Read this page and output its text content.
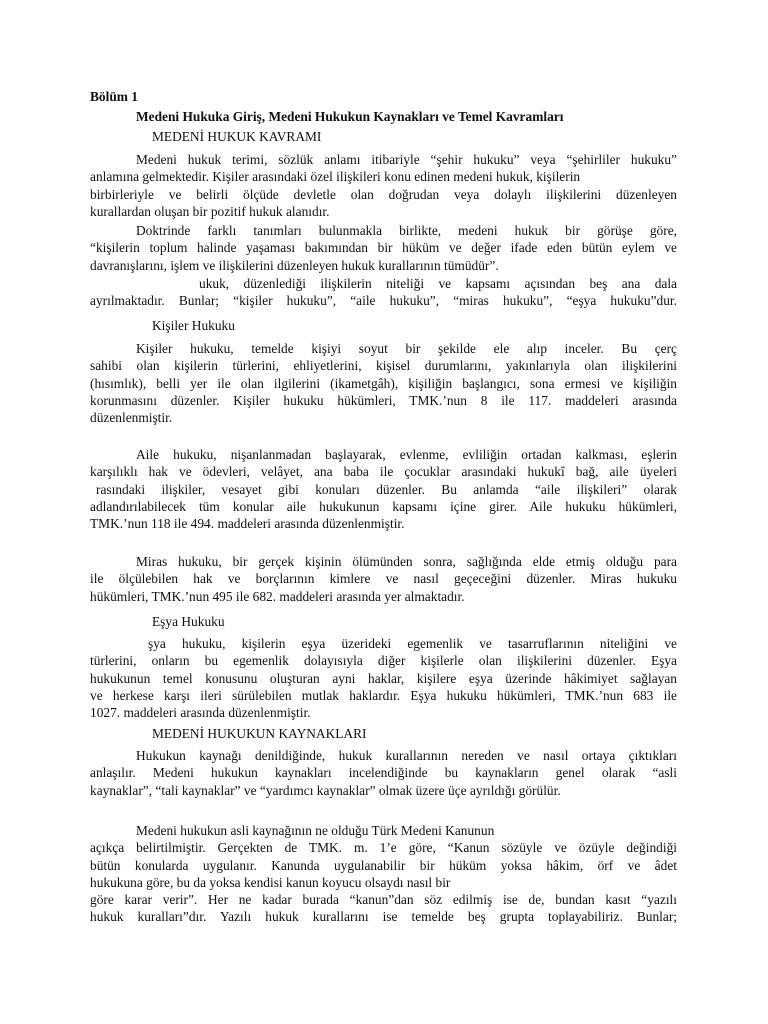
Bölüm 1
Medeni Hukuka Giriş, Medeni Hukukun Kaynakları ve Temel Kavramları
MEDENİ HUKUK KAVRAMI
Medeni hukuk terimi, sözlük anlamı itibariyle “şehir hukuku” veya “şehirliler hukuku”
anlamına gelmektedir. Kişiler arasındaki özel ilişkileri konu edinen medeni hukuk, kişilerin
birbirleriyle ve belirli ölçüde devletle olan doğrudan veya dolaylı ilişkilerini düzenleyen
kurallardan oluşan bir pozitif hukuk alanıdır.
Doktrinde farklı tanımları bulunmakla birlikte, medeni hukuk bir görüşe göre,
“kişilerin toplum halinde yaşaması bakımından bir hüküm ve değer ifade eden bütün eylem ve
davranışlarını, işlem ve ilişkilerini düzenleyen hukuk kurallarının tümüdür”.
ukuk, düzenlediği ilişkilerin niteliği ve kapsamı açısından beş ana dala
ayrılmaktadır. Bunlar; “kişiler hukuku”, “aile hukuku”, “miras hukuku”, “eşya hukuku”dur.
Kişiler Hukuku
Kişiler hukuku, temelde kişiyi soyut bir şekilde ele alıp inceler. Bu çerç
sahibi olan kişilerin türlerini, ehliyetlerini, kişisel durumlarını, yakınlarıyla olan ilişkilerini
(hısımlık), belli yer ile olan ilgilerini (ikametgâh), kişiliğin başlangıcı, sona ermesi ve kişiliğin
korunmasını düzenler. Kişiler hukuku hükümleri, TMK.’nun 8 ile 117. maddeleri arasında
düzenlenmiştir.
Aile hukuku, nişanlanmadan başlayarak, evlenme, evliliğin ortadan kalkması, eşlerin
karşılıklı hak ve ödevleri, velâyet, ana baba ile çocuklar arasındaki hukukî bağ, aile üyeleri
rasındaki ilişkiler, vesayet gibi konuları düzenler. Bu anlamda “aile ilişkileri” olarak
adlandırılabilecek tüm konular aile hukukunun kapsamı içine girer. Aile hukuku hükümleri,
TMK.’nun 118 ile 494. maddeleri arasında düzenlenmiştir.
Miras hukuku, bir gerçek kişinin ölümünden sonra, sağlığında elde etmiş olduğu para
ile ölçülebilen hak ve borçlarının kimlere ve nasıl geçeceğini düzenler. Miras hukuku
hükümleri, TMK.’nun 495 ile 682. maddeleri arasında yer almaktadır.
Eşya Hukuku
şya hukuku, kişilerin eşya üzerideki egemenlik ve tasarruflarının niteliğini ve
türlerini, onların bu egemenlik dolayısıyla diğer kişilerle olan ilişkilerini düzenler. Eşya
hukukunun temel konusunu oluşturan ayni haklar, kişilere eşya üzerinde hâkimiyet sağlayan
ve herkese karşı ileri sürülebilen mutlak haklardır. Eşya hukuku hükümleri, TMK.’nun 683 ile
1027. maddeleri arasında düzenlenmiştir.
MEDENİ HUKUKUN KAYNAKLARI
Hukukun kaynağı denildiğinde, hukuk kurallarının nereden ve nasıl ortaya çıktıkları
anlaşılır. Medeni hukukun kaynakları incelendiğinde bu kaynakların genel olarak “asli
kaynaklar”, “tali kaynaklar” ve “yardımcı kaynaklar” olmak üzere üçe ayrıldığı görülür.
Medeni hukukun asli kaynağının ne olduğu Türk Medeni Kanunun
açıkça belirtilmiştir. Gerçekten de TMK. m. 1’e göre, “Kanun sözüyle ve özüyle değindiği
bütün konularda uygulanır. Kanunda uygulanabilir bir hüküm yoksa hâkim, örf ve âdet
hukukuna göre, bu da yoksa kendisi kanun koyucu olsaydı nasıl bir
göre karar verir”. Her ne kadar burada “kanun”dan söz edilmiş ise de, bundan kasıt “yazılı
hukuk kuralları”dır. Yazılı hukuk kurallarını ise temelde beş grupta toplayabiliriz. Bunlar;
